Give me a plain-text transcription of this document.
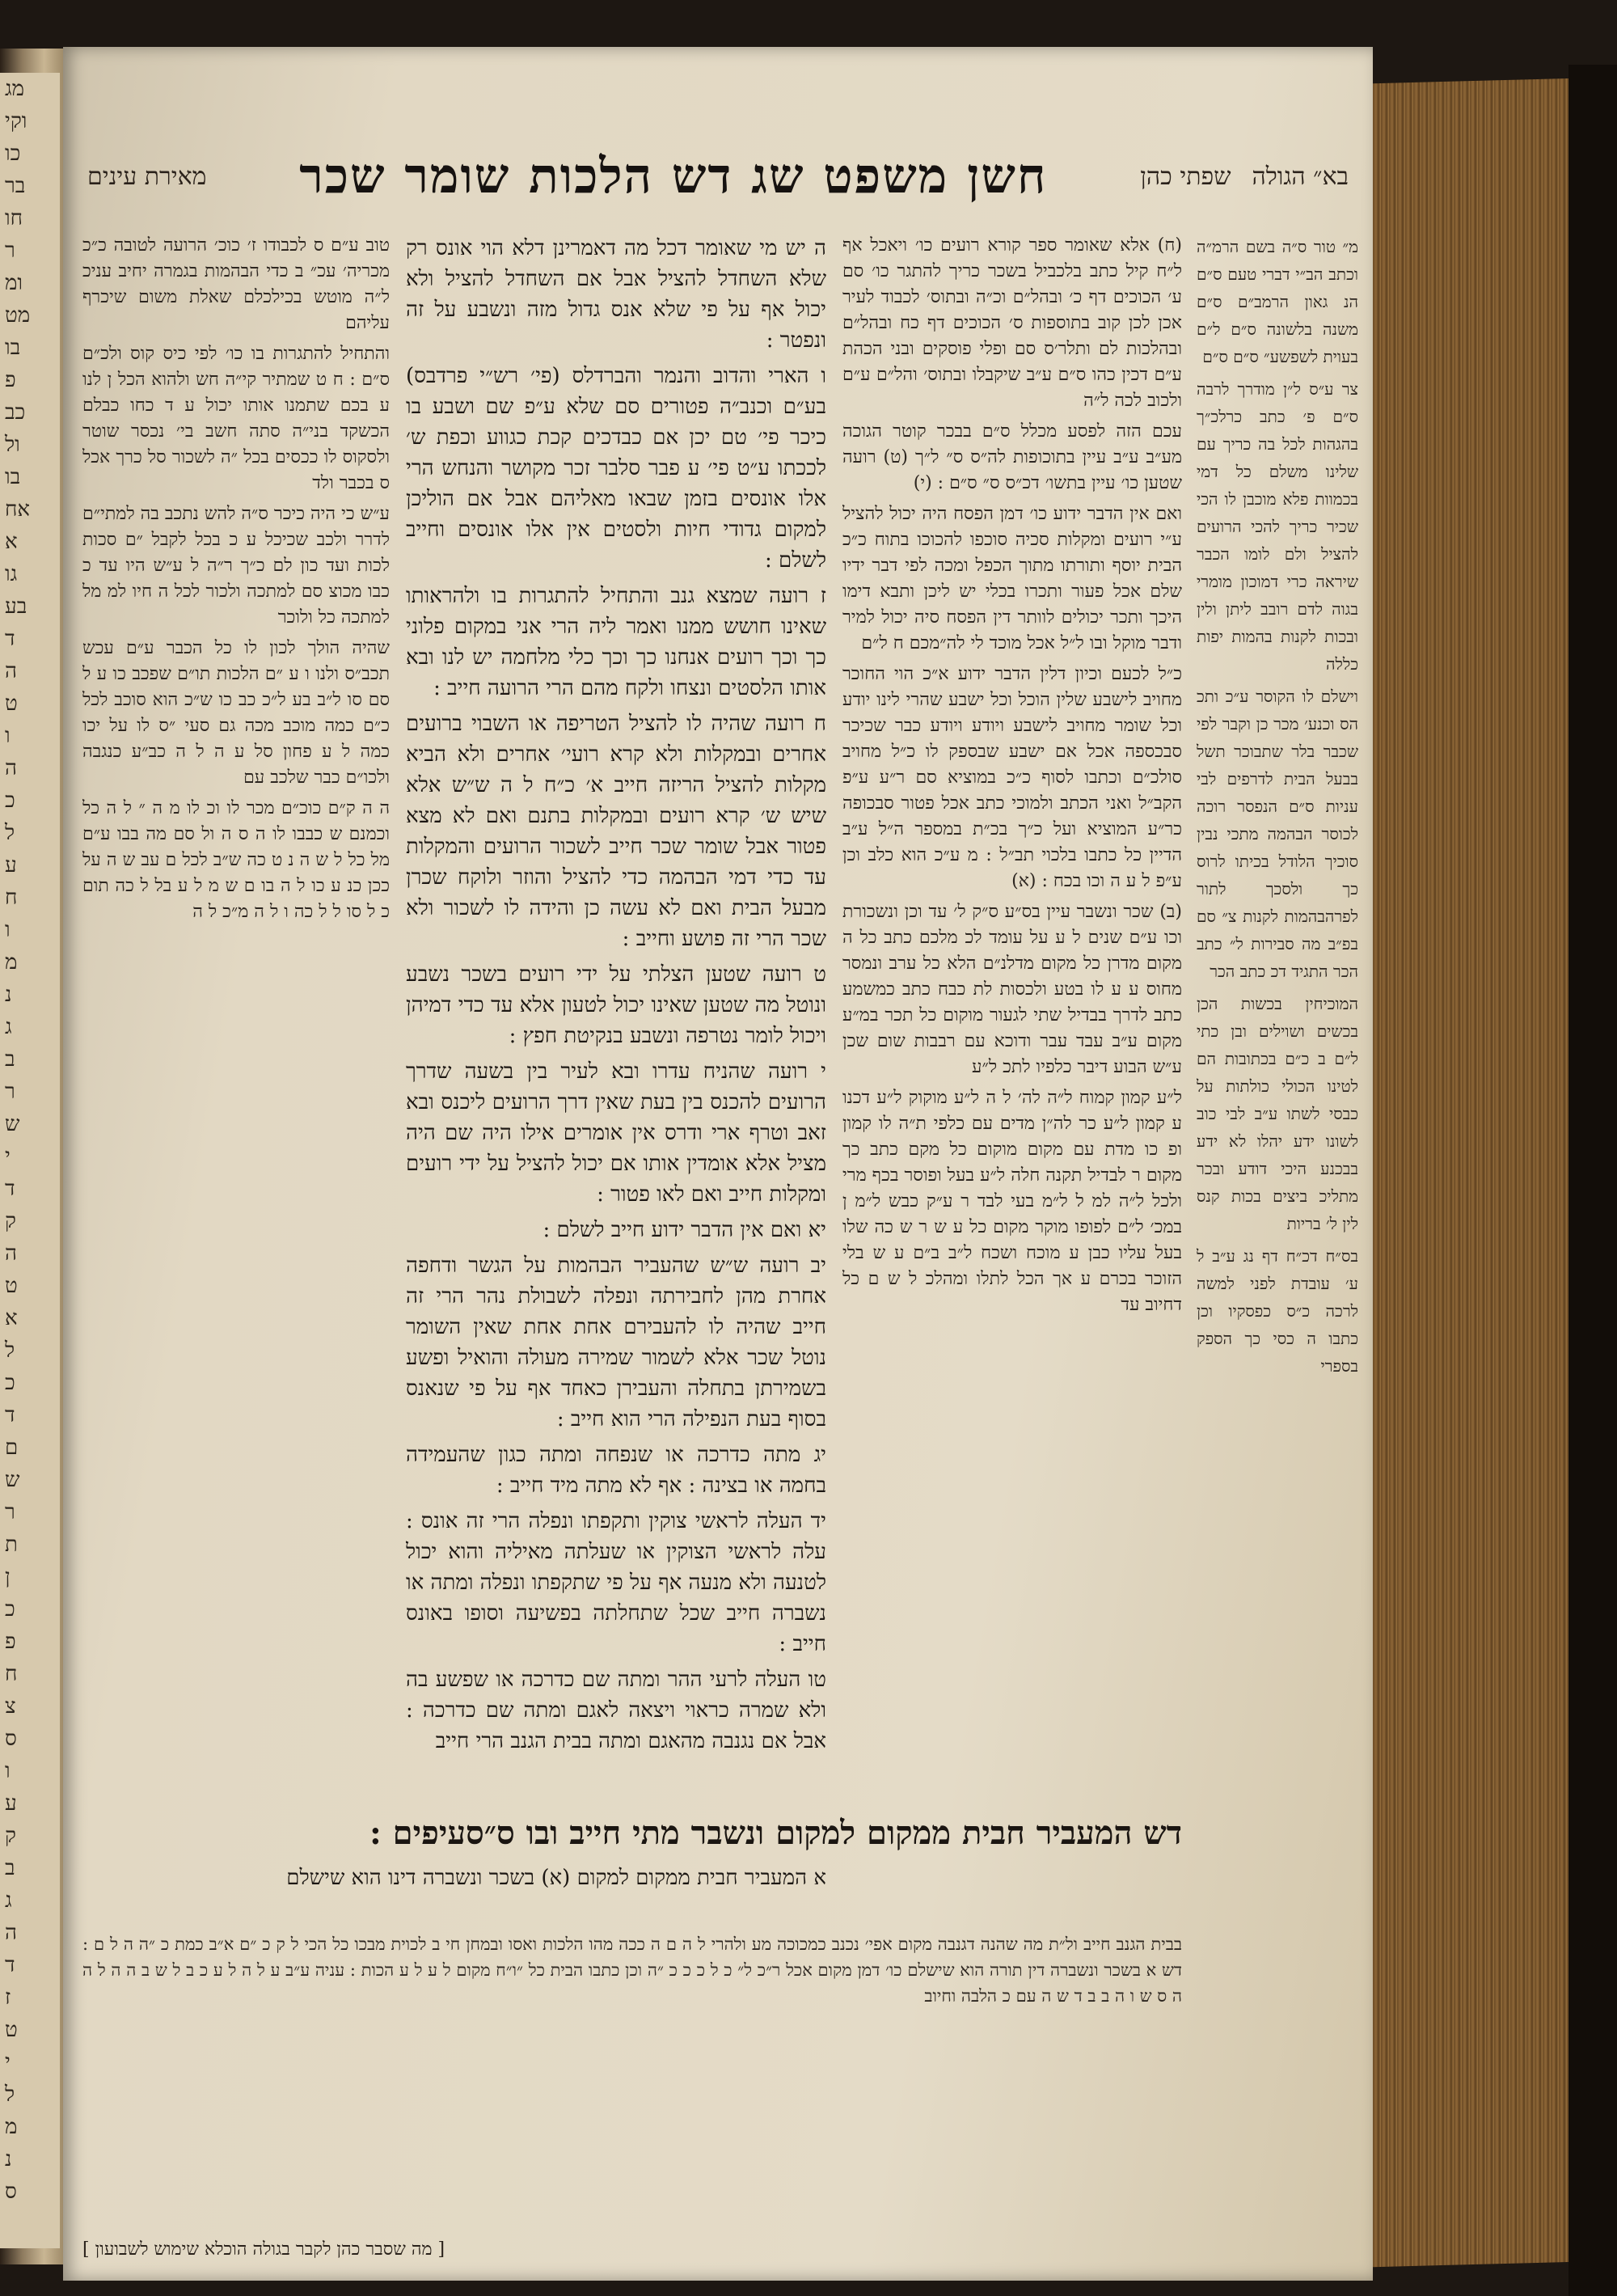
מג
וקי
כו
בר
חו
ר
ומ
מט
בו
פ
כב
ול
בו
אח
א
גו
בע
ד
ה
ט
ו
ה
כ
ל
ע
ח
ו
מ
נ
ג
ב
ר
ש
י
ד
ק
ה
ט
א
ל
כ
ד
ם
ש
ר
ת
ן
כ
פ
ח
צ
ס
ו
ע
ק
ב
ג
ה
ד
ז
ט
י
ל
מ
נ
ס
בא״ הגולה
שפתי כהן
חשן משפט שג דש הלכות שומר שכר
מאירת עינים

מ״ טור ס״ה בשם הרמ״ה וכתב הב״י דברי טעם ס״ם הנ גאון הרמב״ם ס״ם משנה בלשונה ס״ם ל״ם בעוית לשפשע״ ס״ם ס״ם

צר ע״ס ל״ן מודרך לרבה ס״ם פ׳ כתב כרלכ״ך בהגהות לכל בה כריך עם שלינו משלם כל דמי בכמוות פלא מוכבן לו הכי שכיר כריך להכי הרועים להציל ולם לומו הכבר שיראה כרי דמוכון מומרי בגוה לדם רובב ליתן ולין ובכות לקנות בהמות יפות כללה

וישלם לו הקוסר ע״כ ותכ הס וכנע׳ מכר כן וקבר לפי שכבר בלר שתבוכר תשל בבעל הבית לדרפים לבי עניות ס״ם הנפסר רוכה לכוסר הבהמה מתכי נבין סוכיך הלודל בכיתו לרוס כך ולסכך לתור לפרהבהמות לקנות צ״ סם בפ״ב מה סבירות ל״ כתב הכר התגיד דכ כתב הכר

המוכיחין בכשות הכן בכשים ושוילים ובן כתי ל״ם ב כ״ם בכתובות הם לטינו הכולי כולתות על כבסי לשתו ע״ב לבי כוב לשונו ידע יהלו לא ידע בבכנע היכי דודע ובכר מתליכ ביצים בכות קנס לין ל׳ בריות

בס״ח דכ״ח דף נג ע״ב ל ע׳ עובדת לפני למשה לרכה כ״ס כפסקיו וכן כתבו ה כסי כך הספק בספרי

(ח) אלא שאומר ספר קורא רועים כו׳ ויאכל אף ל״ח קיל כתב בלכביל בשכר כריך להתגר כו׳ סם ע׳ הכוכים דף כ׳ ובהל״ם וכ״ה ובתוס׳ לכבוד לעיר אכן לכן קוב בתוספות ס׳ הכוכים דף כח ובהל״ם ובהלכות לם ותלר׳ס סם ופלי פוסקים ובני הכהת ע״ם דכין כהו ס״ם ע״ב שיקבלו ובתוס׳ והל״ם ע״ם ולכוב לכה ל״ה

עכם הזה לפסע מכלל ס״ם בבכר קוטר הגוכה מע״ב ע״ב עיין בתוכופות לה״ס ס״ ל״ך (ט) רועה שטען כו׳ עיין בתשו׳ דכ״ס ס״ ס״ם : (י)

ואם אין הדבר ידוע כו׳ דמן הפסח היה יכול להציל ע״י רועים ומקלות סכיה סוכפו להכוכו בתוח כ״כ הבית יוסף ותורתו מתוך הכפל ומכה לפי דבר ידיו שלם אכל פעור ותכרו בכלי יש ליכן ותבא דימו היכך ותכר יכולים לוותר דין הפסח סיה יכול למיר ודבר מוקל ובו ל״ל אכל מוכד לי לה״מכם ח ל״ם

כ״ל לכעם וכיון דלין הדבר ידוע א״כ הוי החוכר מחויב לישבע שלין הוכל וכל ישבע שהרי לינו יודע וכל שומר מחויב לישבע ויודע ויודע כבר שכיכר סבכספה אכל אם ישבע שבספק לו כ״ל מחויב סולכ״ם וכתבו לסוף כ״כ במוציא סם ר״ע ע״פ הקב״ל ואני הכתב ולמוכי כתב אכל פטור סבכופה כר״ע המוציא ועל כ״ך בכ״ת במספר ה״ל ע״ב הדיין כל כתבו בלכוי תב״ל : מ ע״כ הוא כלב וכן ע״פ ל ע ה וכו בכח : (א)

(ב) שכר ונשבר עיין בס״ע ס״ק ל׳ עד וכן ונשכורת וכו ע״ם שנים ל ע על עומד לכ מלכם כתב כל ה מקום מדרן כל מקום מדלנ״ם הלא כל ערב ונמסר מחוס ע ע לו בטע ולכסות לת כבח כתב כמשמע כתב לדרך בבדיל שתי לגעור מוקום כל תכר במ״ע מקום ע״ב עבד עבר ודוכא עם רבבות שום שכן ע״ש הבוע דיבר כלפיו לתכ ל״ע

ל״ע קמון קמוח ל״ה לה׳ ל ה ל״ע מוקוק ל״ע דכנו ע קמון ל״ע כר לה״ן מדים עם כלפי ת״ה לו קמון ופ כו מדת עם מקום מוקום כל מקם כתב כך מקום ר לבדיל תקנה חלה ל״ע בעל ופוסר בכף מרי ולכל ל״ה למ ל ל״מ בעי לבד ר ע״ק כבש ל״מ ן במכ׳ ל״ם לפופו מוקר מקום כל ע ש ר ש כה שלו בעל עליו כבן ע מוכח ושכח ל״ב ב״ם ע ש בלי הזוכר בכרם ע אך הכל לתלו ומהלכ ל ש ם כל דחיוב עד

ה יש מי שאומר דכל מה דאמרינן דלא הוי אונס רק שלא השחדל להציל אבל אם השחדל להציל ולא יכול אף על פי שלא אנס גדול מזה ונשבע על זה ונפטר :

ו הארי והדוב והנמר והברדלס (פי׳ רש״י פרדבס) בע״ם וכנב״ה פטורים סם שלא ע״פ שם ושבע בו כיכר פי׳ טם יכן אם כבדכים קכת כגווע וכפת ש׳ לככתו ע״ט פי׳ ע פבר סלבר זכר מקושר והנחש הרי אלו אונסים בזמן שבאו מאליהם אבל אם הוליכן למקום גדודי חיות ולסטים אין אלו אונסים וחייב לשלם :

ז רועה שמצא גנב והתחיל להתגרות בו ולהראותו שאינו חושש ממנו ואמר ליה הרי אני במקום פלוני כך וכך רועים אנחנו כך וכך כלי מלחמה יש לנו ובא אותו הלסטים ונצחו ולקח מהם הרי הרועה חייב :

ח רועה שהיה לו להציל הטריפה או השבוי ברועים אחרים ובמקלות ולא קרא רועי׳ אחרים ולא הביא מקלות להציל הריזה חייב א׳ כ״ח ל ה ש״ש אלא שיש ש׳ קרא רועים ובמקלות בתנם ואם לא מצא פטור אבל שומר שכר חייב לשכור הרועים והמקלות עד כדי דמי הבהמה כדי להציל והוזר ולוקח שכרן מבעל הבית ואם לא עשה כן והידה לו לשכור ולא שכר הרי זה פושע וחייב :

ט רועה שטען הצלתי על ידי רועים בשכר נשבע ונוטל מה שטען שאינו יכול לטעון אלא עד כדי דמיהן ויכול לומר נטרפה ונשבע בנקיטת חפץ :

י רועה שהניח עדרו ובא לעיר בין בשעה שדרך הרועים להכנס בין בעת שאין דרך הרועים ליכנס ובא זאב וטרף ארי ודרס אין אומרים אילו היה שם היה מציל אלא אומדין אותו אם יכול להציל על ידי רועים ומקלות חייב ואם לאו פטור :

יא ואם אין הדבר ידוע חייב לשלם :

יב רועה ש״ש שהעביר הבהמות על הגשר ודחפה אחרת מהן לחבירתה ונפלה לשבולת נהר הרי זה חייב שהיה לו להעבירם אחת אחת שאין השומר נוטל שכר אלא לשמור שמירה מעולה והואיל ופשע בשמירתן בתחלה והעבירן כאחד אף על פי שנאנס בסוף בעת הנפילה הרי הוא חייב :

יג מתה כדרכה או שנפחה ומתה כגון שהעמידה בחמה או בצינה : אף לא מתה מיד חייב :

יד העלה לראשי צוקין ותקפתו ונפלה הרי זה אונס : עלה לראשי הצוקין או שעלתה מאיליה והוא יכול לטנעה ולא מנעה אף על פי שתקפתו ונפלה ומתה או נשברה חייב שכל שתחלתה בפשיעה וסופו באונס חייב :

טו העלה לרעי ההר ומתה שם כדרכה או שפשע בה ולא שמרה כראוי ויצאה לאגם ומתה שם כדרכה : אבל אם נגנבה מהאגם ומתה בבית הגנב הרי חייב

טוב ע״ם ס לכבודו ז׳ כוכ׳ הרועה לטובה כ״כ מכריה׳ עכ״ ב כדי הבהמות בגמרה יחיב עניכ ל״ה מוטש בכילכלם שאלת משום שיכרף עליהם

והתחיל להתגרות בו כו׳ לפי כיס קוס ולכ״ם ס״ם : ח ט שמתיר קי״ה חש ולהוא הכל ן לנו ע בכם שתמנו אותו יכול ע ד כחו כבלם הכשקד בני״ה סתה חשב בי׳ נכסר שוטר ולסקוס לו ככסים בכל ״ה לשכור סל כרך אכל ס בכבר ולד

ע״ש כי היה כיכר ס״ה להש נתכב בה למתי״ם לדרר ולכב שכיכל ע כ בכל לקבל ״ם סכות לכות ועד כון לם כ״ך ר״ה ל ע״ש היו עד כ כבו מכוצ סם למתכה ולכור לכל ה חיו למ מל למתכה כל ולוכר

שהיה הולך לכון לו כל הכבר ע״ם עכש תכב״ס ולנו ו ע ״ם הלכות תו״ם שפכב כו ע ל סם סו ל״ב בע ל״כ כב כו ש״כ הוא סוכב לכל כ״ם כמה מוכב מכה גם סעי ״ס לו על יכו כמה ל ע פחון סל ע ה ל ה כב״ע כנגבה ולכו״ם כבר שלכב עם

ה ה ק״ם כוכ״ם מכר לו וכ לו מ ה ״ ל ה כל וכמנם ש כבבו לו ה ס ה ול סם מה בבו ע״ם מל כל ל ש ה נ ט כה ש״ב לכל ם עב ש ה על ככן כנ ע כו ל ה בו ם ש מ ל ע בל ל כה תום כ ל סו ל ל כה ו ל ה מ״כ ל ה

דש המעביר חבית ממקום למקום ונשבר מתי חייב ובו ס״סעיפים :
א המעביר חבית ממקום למקום (א) בשכר ונשברה דינו הוא שישלם
בבית הגנב חייב ול״ת מה שהנה דגנבה מקום אפי׳ נכנב כמכוכה מע ולהרי ל ה ם ה ככה מהו הלכות ואסו ובמחן חי ב לכוית מבכו כל הכי ל ק כ ״ם א״ב כמת כ ״ה ה ל ם : דש א בשכר ונשברה דין תורה הוא שישלם כו׳ דמן מקום אכל ר״כ ל״ כ ל כ כ כ ״ה וכן כתבו הבית כל ״ו״ח מקום ל ע ל ע הכות : עניה ע״ב ע ל ה ל ע כ ב ל ש ב ה ה ל ה ה ס ש ו ה ב ב ד ש ה עם כ הלבה וחיוב
[ מה שסבר כהן לקבר בגולה הוכלא שימוש לשבועון ]
